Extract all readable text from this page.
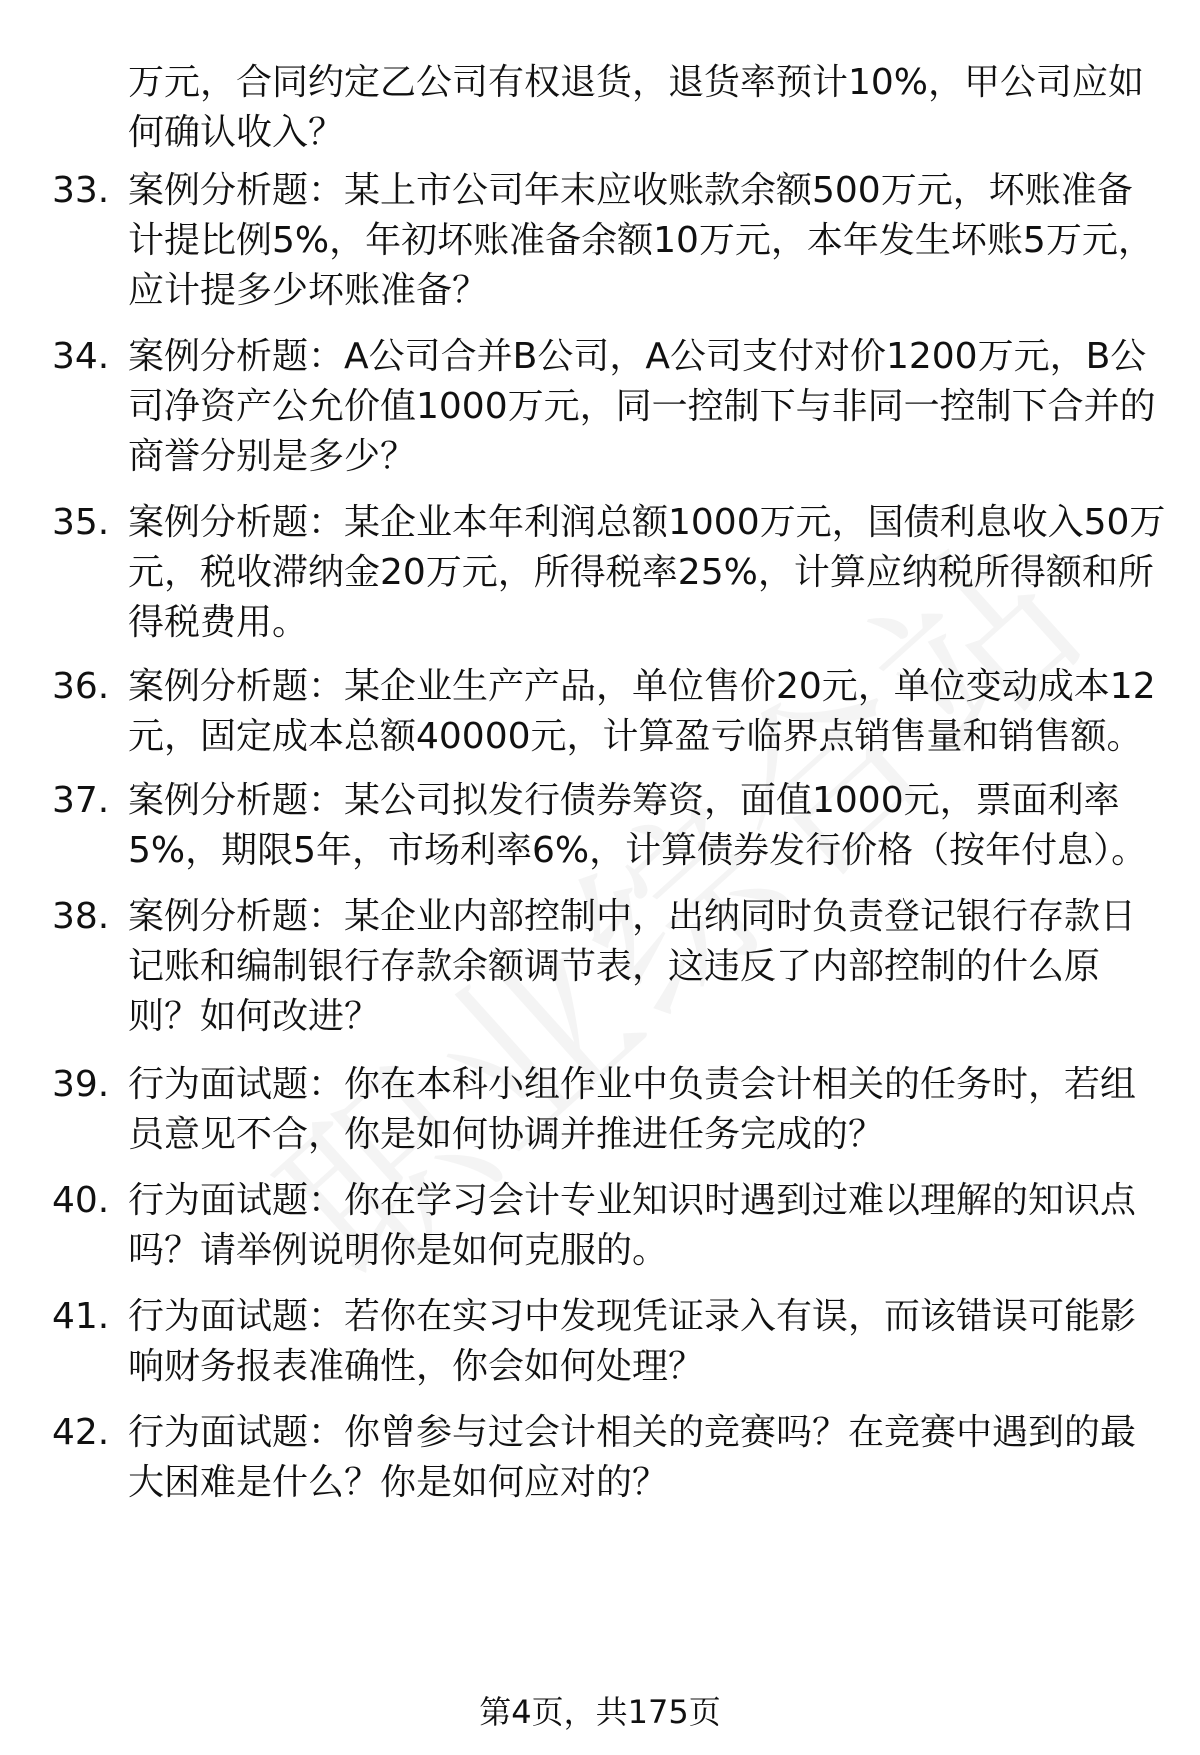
万元，合同约定乙公司有权退货，退货率预计10%，甲公司应如

何确认收入？

33. 案例分析题：某上市公司年末应收账款余额500万元，坏账准备

计提比例5%，年初坏账准备余额10万元，本年发生坏账5万元，

应计提多少坏账准备？

34. 案例分析题：A公司合并B公司，A公司支付对价1200万元，B公

司净资产公允价值1000万元，同一控制下与非同一控制下合并的

商誉分别是多少？

35. 案例分析题：某企业本年利润总额1000万元，国债利息收入50万

元，税收滞纳金20万元，所得税率25%，计算应纳税所得额和所

得税费用。

36. 案例分析题：某企业生产产品，单位售价20元，单位变动成本12

元，固定成本总额40000元，计算盈亏临界点销售量和销售额。

37. 案例分析题：某公司拟发行债券筹资，面值1000元，票面利率

5%，期限5年，市场利率6%，计算债券发行价格（按年付息）。

38. 案例分析题：某企业内部控制中，出纳同时负责登记银行存款日

记账和编制银行存款余额调节表，这违反了内部控制的什么原

则？如何改进？

39. 行为面试题：你在本科小组作业中负责会计相关的任务时，若组

员意见不合，你是如何协调并推进任务完成的？

40. 行为面试题：你在学习会计专业知识时遇到过难以理解的知识点

吗？请举例说明你是如何克服的。

41. 行为面试题：若你在实习中发现凭证录入有误，而该错误可能影

响财务报表准确性，你会如何处理？

42. 行为面试题：你曾参与过会计相关的竞赛吗？在竞赛中遇到的最

大困难是什么？你是如何应对的？

第4页，共175页
